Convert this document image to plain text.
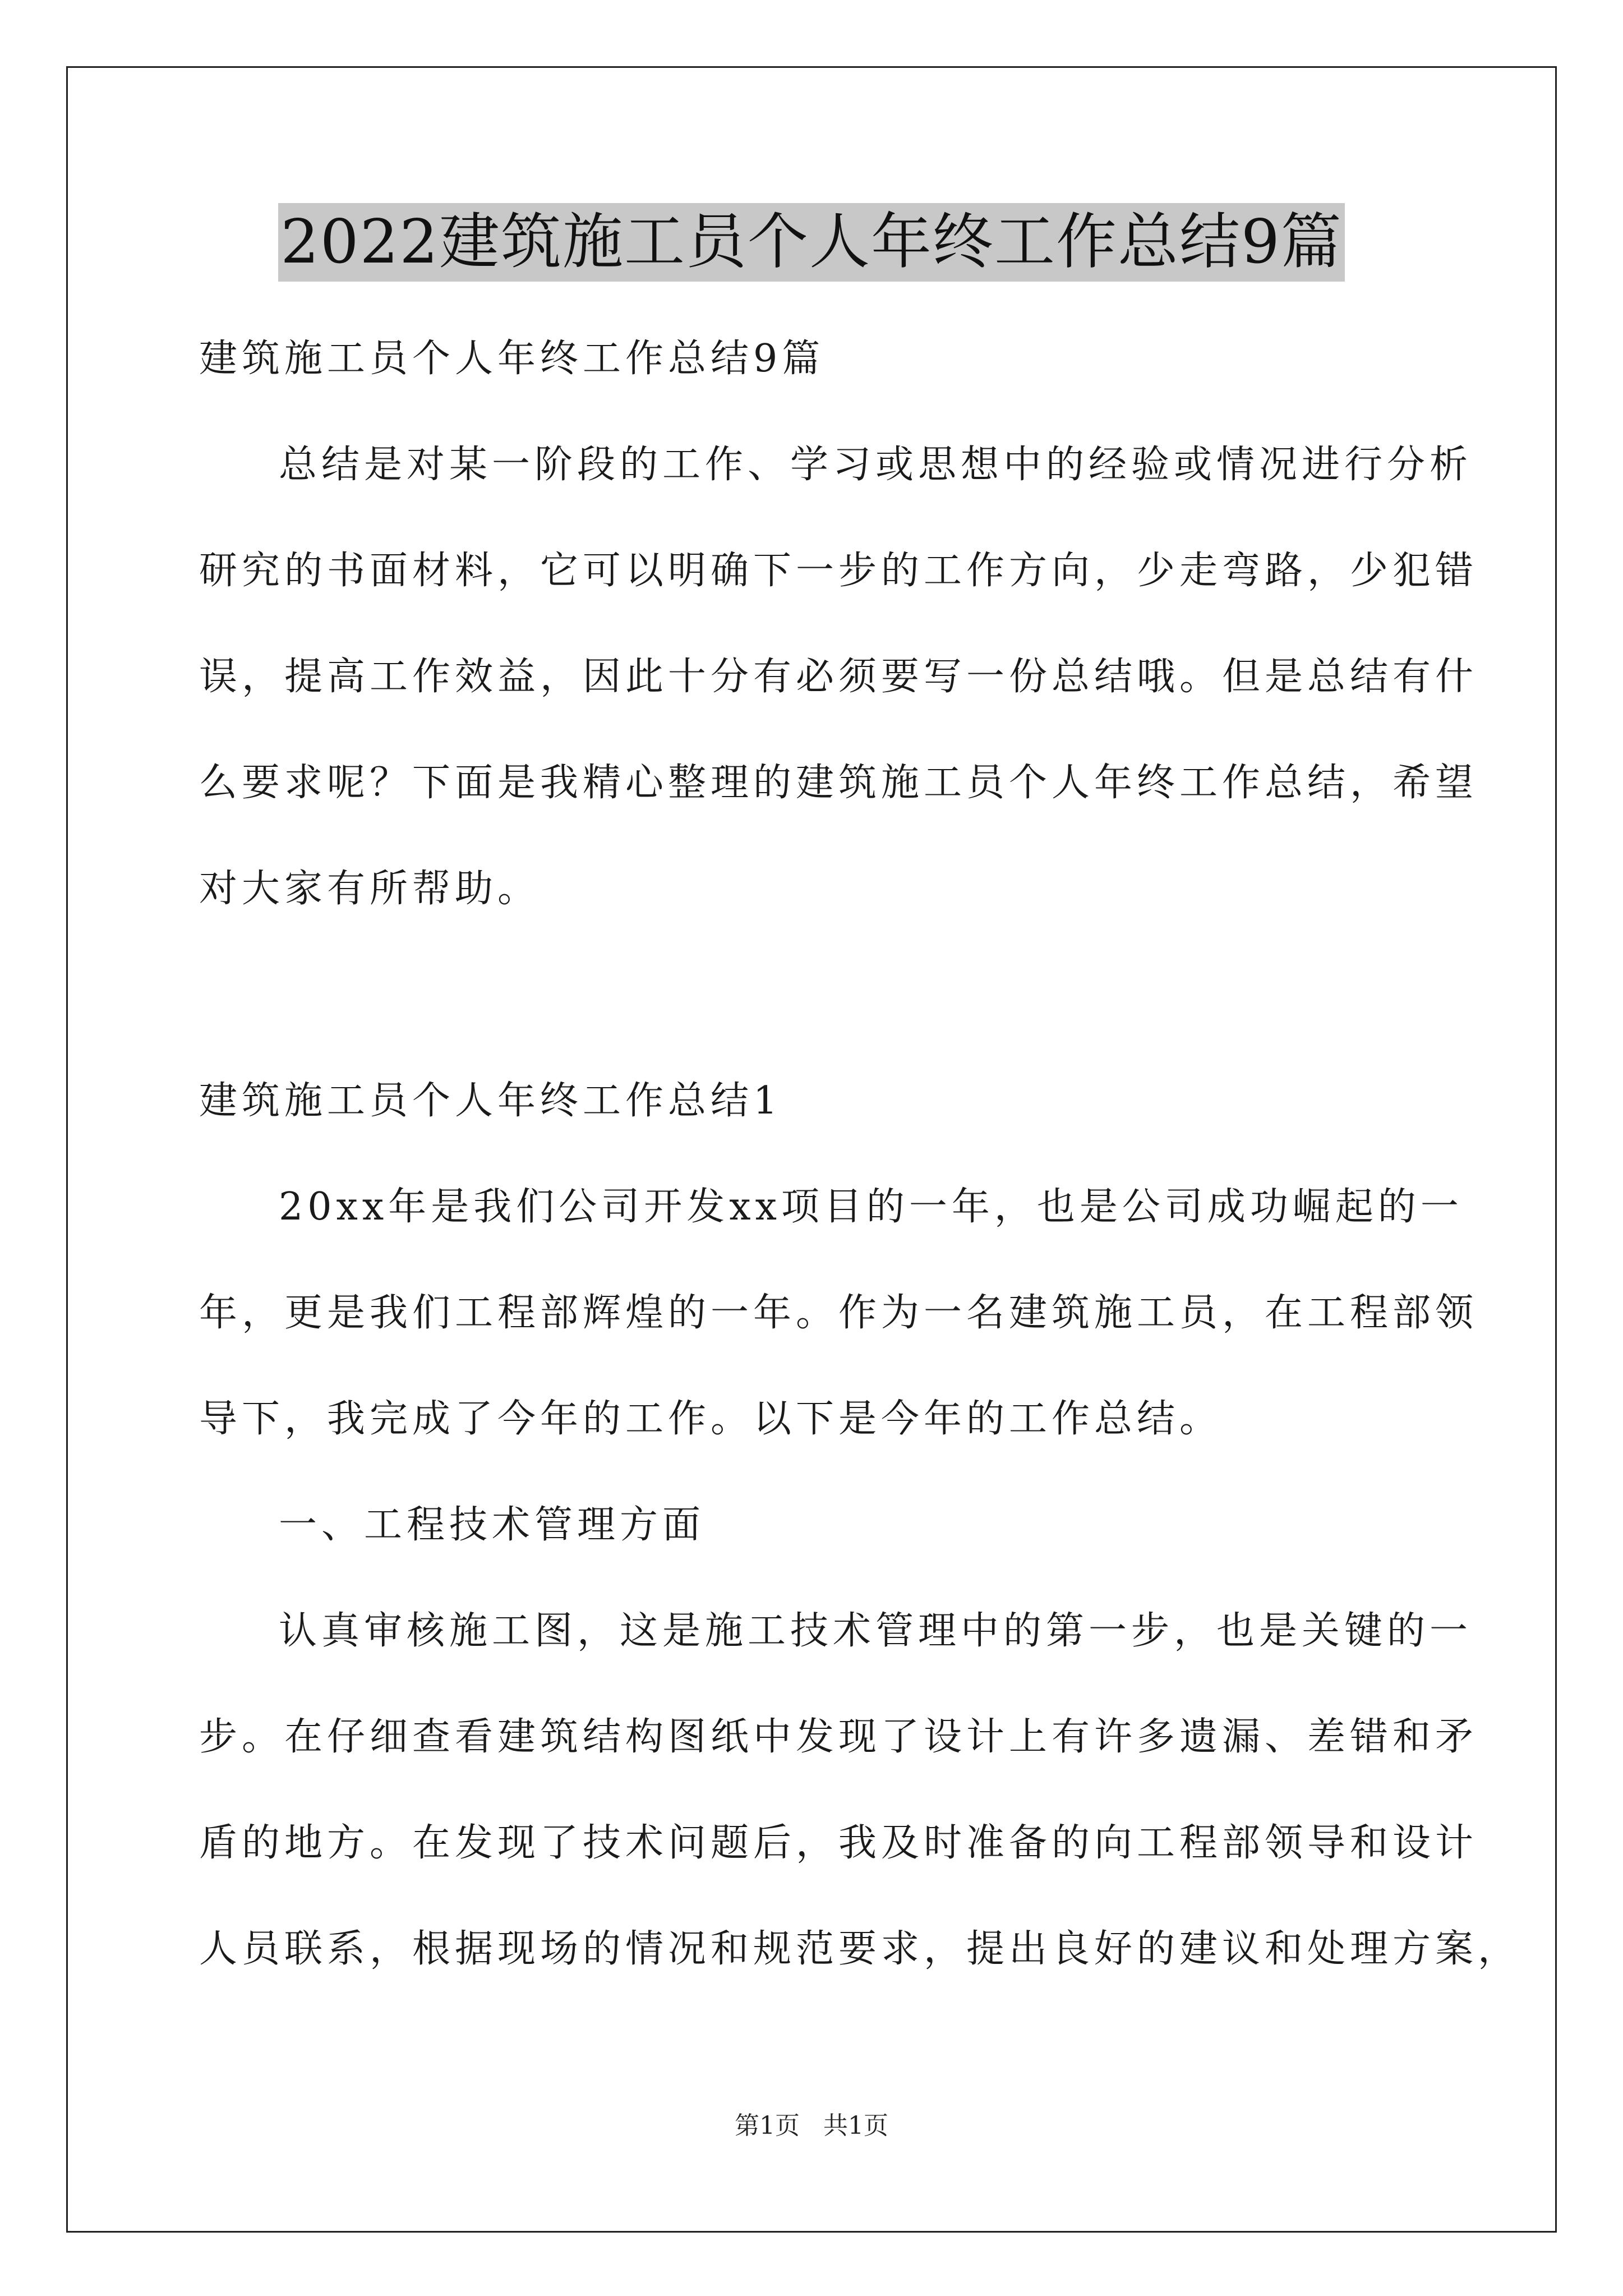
2022建筑施工员个人年终工作总结9篇
建筑施工员个人年终工作总结9篇
总结是对某一阶段的工作、学习或思想中的经验或情况进行分析
研究的书面材料，它可以明确下一步的工作方向，少走弯路，少犯错
误，提高工作效益，因此十分有必须要写一份总结哦。但是总结有什
么要求呢？下面是我精心整理的建筑施工员个人年终工作总结，希望
对大家有所帮助。
建筑施工员个人年终工作总结1
20xx年是我们公司开发xx项目的一年，也是公司成功崛起的一
年，更是我们工程部辉煌的一年。作为一名建筑施工员，在工程部领
导下，我完成了今年的工作。以下是今年的工作总结。
一、工程技术管理方面
认真审核施工图，这是施工技术管理中的第一步，也是关键的一
步。在仔细查看建筑结构图纸中发现了设计上有许多遗漏、差错和矛
盾的地方。在发现了技术问题后，我及时准备的向工程部领导和设计
人员联系，根据现场的情况和规范要求，提出良好的建议和处理方案，
第1页 共1页
